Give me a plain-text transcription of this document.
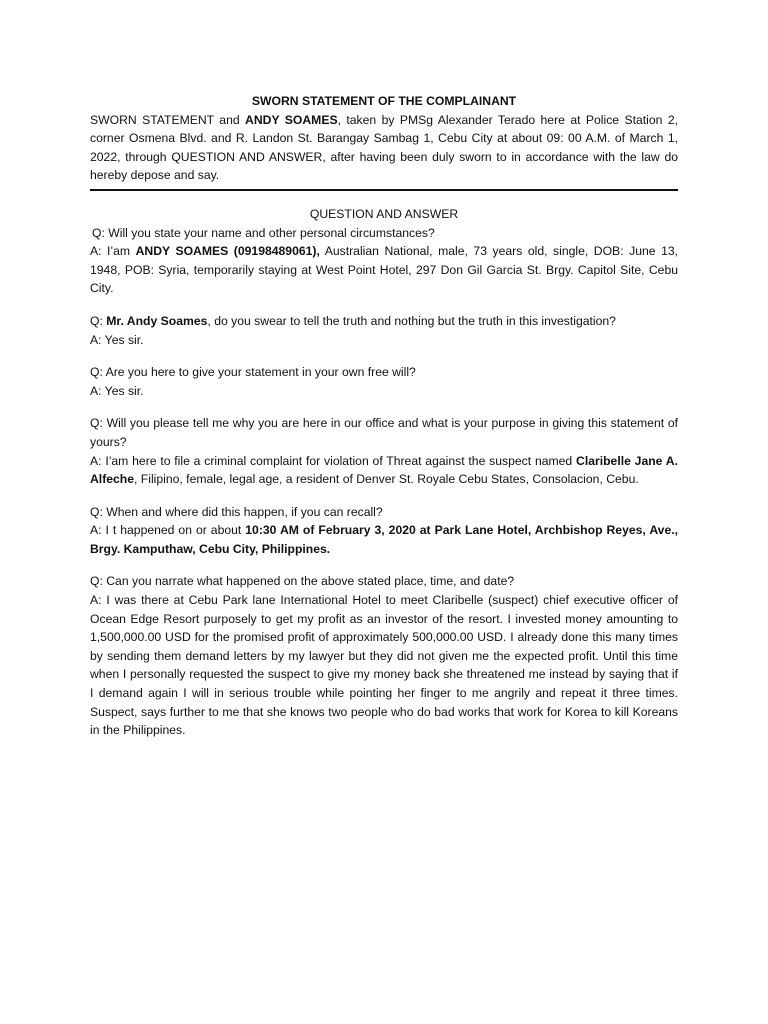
SWORN STATEMENT OF THE COMPLAINANT

SWORN STATEMENT and ANDY SOAMES, taken by PMSg Alexander Terado here at Police Station 2, corner Osmena Blvd. and R. Landon St. Barangay Sambag 1, Cebu City at about 09: 00 A.M. of March 1, 2022, through QUESTION AND ANSWER, after having been duly sworn to in accordance with the law do hereby depose and say.

QUESTION AND ANSWER

Q: Will you state your name and other personal circumstances?

A: I’am ANDY SOAMES (09198489061), Australian National, male, 73 years old, single, DOB: June 13, 1948, POB: Syria, temporarily staying at West Point Hotel, 297 Don Gil Garcia St. Brgy. Capitol Site, Cebu City.

Q: Mr. Andy Soames, do you swear to tell the truth and nothing but the truth in this investigation?

A: Yes sir.

Q: Are you here to give your statement in your own free will?

A: Yes sir.

Q: Will you please tell me why you are here in our office and what is your purpose in giving this statement of yours?

A: I’am here to file a criminal complaint for violation of Threat against the suspect named Claribelle Jane A. Alfeche, Filipino, female, legal age, a resident of Denver St. Royale Cebu States, Consolacion, Cebu.

Q: When and where did this happen, if you can recall?

A: I t happened on or about 10:30 AM of February 3, 2020 at Park Lane Hotel, Archbishop Reyes, Ave., Brgy. Kamputhaw, Cebu City, Philippines.

Q: Can you narrate what happened on the above stated place, time, and date?

A: I was there at Cebu Park lane International Hotel to meet Claribelle (suspect) chief executive officer of Ocean Edge Resort purposely to get my profit as an investor of the resort. I invested money amounting to 1,500,000.00 USD for the promised profit of approximately 500,000.00 USD. I already done this many times by sending them demand letters by my lawyer but they did not given me the expected profit. Until this time when I personally requested the suspect to give my money back she threatened me instead by saying that if I demand again I will in serious trouble while pointing her finger to me angrily and repeat it three times. Suspect, says further to me that she knows two people who do bad works that work for Korea to kill Koreans in the Philippines.
